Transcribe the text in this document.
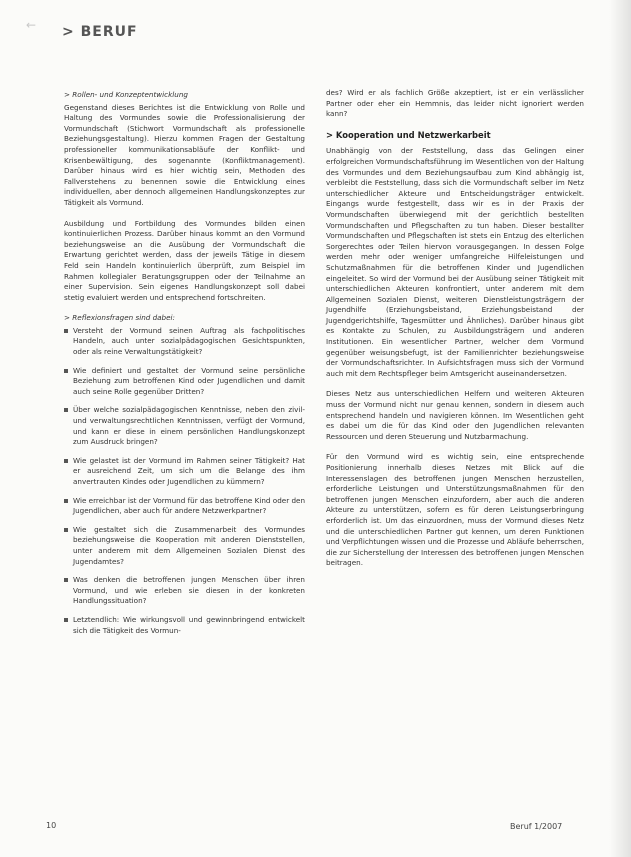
← > BERUF
> Rollen- und Konzeptentwicklung

Gegenstand dieses Berichtes ist die Entwicklung von Rolle und Haltung des Vormundes sowie die Professionalisierung der Vormundschaft (Stichwort Vormundschaft als professionelle Beziehungsgestaltung). Hierzu kommen Fragen der Gestaltung professioneller kommunikationsabläufe der Konflikt- und Krisenbewältigung, des sogenannte (Konfliktmanagement). Darüber hinaus wird es hier wichtig sein, Methoden des Fallverstehens zu benennen sowie die Entwicklung eines individuellen, aber dennoch allgemeinen Handlungskonzeptes zur Tätigkeit als Vormund.

Ausbildung und Fortbildung des Vormundes bilden einen kontinuierlichen Prozess. Darüber hinaus kommt an den Vormund beziehungsweise an die Ausübung der Vormundschaft die Erwartung gerichtet werden, dass der jeweils Tätige in diesem Feld sein Handeln kontinuierlich überprüft, zum Beispiel im Rahmen kollegialer Beratungsgruppen oder der Teilnahme an einer Supervision. Sein eigenes Handlungskonzept soll dabei stetig evaluiert werden und entsprechend fortschreiten.

> Reflexionsfragen sind dabei:
Versteht der Vormund seinen Auftrag als fachpolitisches Handeln, auch unter sozialpädagogischen Gesichtspunkten, oder als reine Verwaltungstätigkeit?
Wie definiert und gestaltet der Vormund seine persönliche Beziehung zum betroffenen Kind oder Jugendlichen und damit auch seine Rolle gegenüber Dritten?
Über welche sozialpädagogischen Kenntnisse, neben den zivil- und verwaltungsrechtlichen Kenntnissen, verfügt der Vormund, und kann er diese in einem persönlichen Handlungskonzept zum Ausdruck bringen?
Wie gelastet ist der Vormund im Rahmen seiner Tätigkeit? Hat er ausreichend Zeit, um sich um die Belange des ihm anvertrauten Kindes oder Jugendlichen zu kümmern?
Wie erreichbar ist der Vormund für das betroffene Kind oder den Jugendlichen, aber auch für andere Netzwerkpartner?
Wie gestaltet sich die Zusammenarbeit des Vormundes beziehungsweise die Kooperation mit anderen Dienststellen, unter anderem mit dem Allgemeinen Sozialen Dienst des Jugendamtes?
Was denken die betroffenen jungen Menschen über ihren Vormund, und wie erleben sie diesen in der konkreten Handlungssituation?
Letztendlich: Wie wirkungsvoll und gewinnbringend entwickelt sich die Tätigkeit des Vormun-

des? Wird er als fachlich Größe akzeptiert, ist er ein verlässlicher Partner oder eher ein Hemmnis, das leider nicht ignoriert werden kann?

> Kooperation und Netzwerkarbeit

Unabhängig von der Feststellung, dass das Gelingen einer erfolgreichen Vormundschaftsführung im Wesentlichen von der Haltung des Vormundes und dem Beziehungsaufbau zum Kind abhängig ist, verbleibt die Feststellung, dass sich die Vormundschaft selber im Netz unterschiedlicher Akteure und Entscheidungsträger entwickelt. Eingangs wurde festgestellt, dass wir es in der Praxis der Vormundschaften überwiegend mit der gerichtlich bestellten Vormundschaften und Pflegschaften zu tun haben. Dieser bestallter Vormundschaften und Pflegschaften ist stets ein Entzug des elterlichen Sorgerechtes oder Teilen hiervon vorausgegangen. In dessen Folge werden mehr oder weniger umfangreiche Hilfeleistungen und Schutzmaßnahmen für die betroffenen Kinder und Jugendlichen eingeleitet. So wird der Vormund bei der Ausübung seiner Tätigkeit mit unterschiedlichen Akteuren konfrontiert, unter anderem mit dem Allgemeinen Sozialen Dienst, weiteren Dienstleistungsträgern der Jugendhilfe (Erziehungsbeistand, Erziehungsbeistand der Jugendgerichtshilfe, Tagesmütter und Ähnliches). Darüber hinaus gibt es Kontakte zu Schulen, zu Ausbildungsträgern und anderen Institutionen. Ein wesentlicher Partner, welcher dem Vormund gegenüber weisungsbefugt, ist der Familienrichter beziehungsweise der Vormundschaftsrichter. In Aufsichtsfragen muss sich der Vormund auch mit dem Rechtspfleger beim Amtsgericht auseinandersetzen.

Dieses Netz aus unterschiedlichen Helfern und weiteren Akteuren muss der Vormund nicht nur genau kennen, sondern in diesem auch entsprechend handeln und navigieren können. Im Wesentlichen geht es dabei um die für das Kind oder den Jugendlichen relevanten Ressourcen und deren Steuerung und Nutzbarmachung.

Für den Vormund wird es wichtig sein, eine entsprechende Positionierung innerhalb dieses Netzes mit Blick auf die Interessenslagen des betroffenen jungen Menschen herzustellen, erforderliche Leistungen und Unterstützungsmaßnahmen für den betroffenen jungen Menschen einzufordern, aber auch die anderen Akteure zu unterstützen, sofern es für deren Leistungserbringung erforderlich ist. Um das einzuordnen, muss der Vormund dieses Netz und die unterschiedlichen Partner gut kennen, um deren Funktionen und Verpflichtungen wissen und die Prozesse und Abläufe beherrschen, die zur Sicherstellung der Interessen des betroffenen jungen Menschen beitragen.

10	Beruf 1/2007
